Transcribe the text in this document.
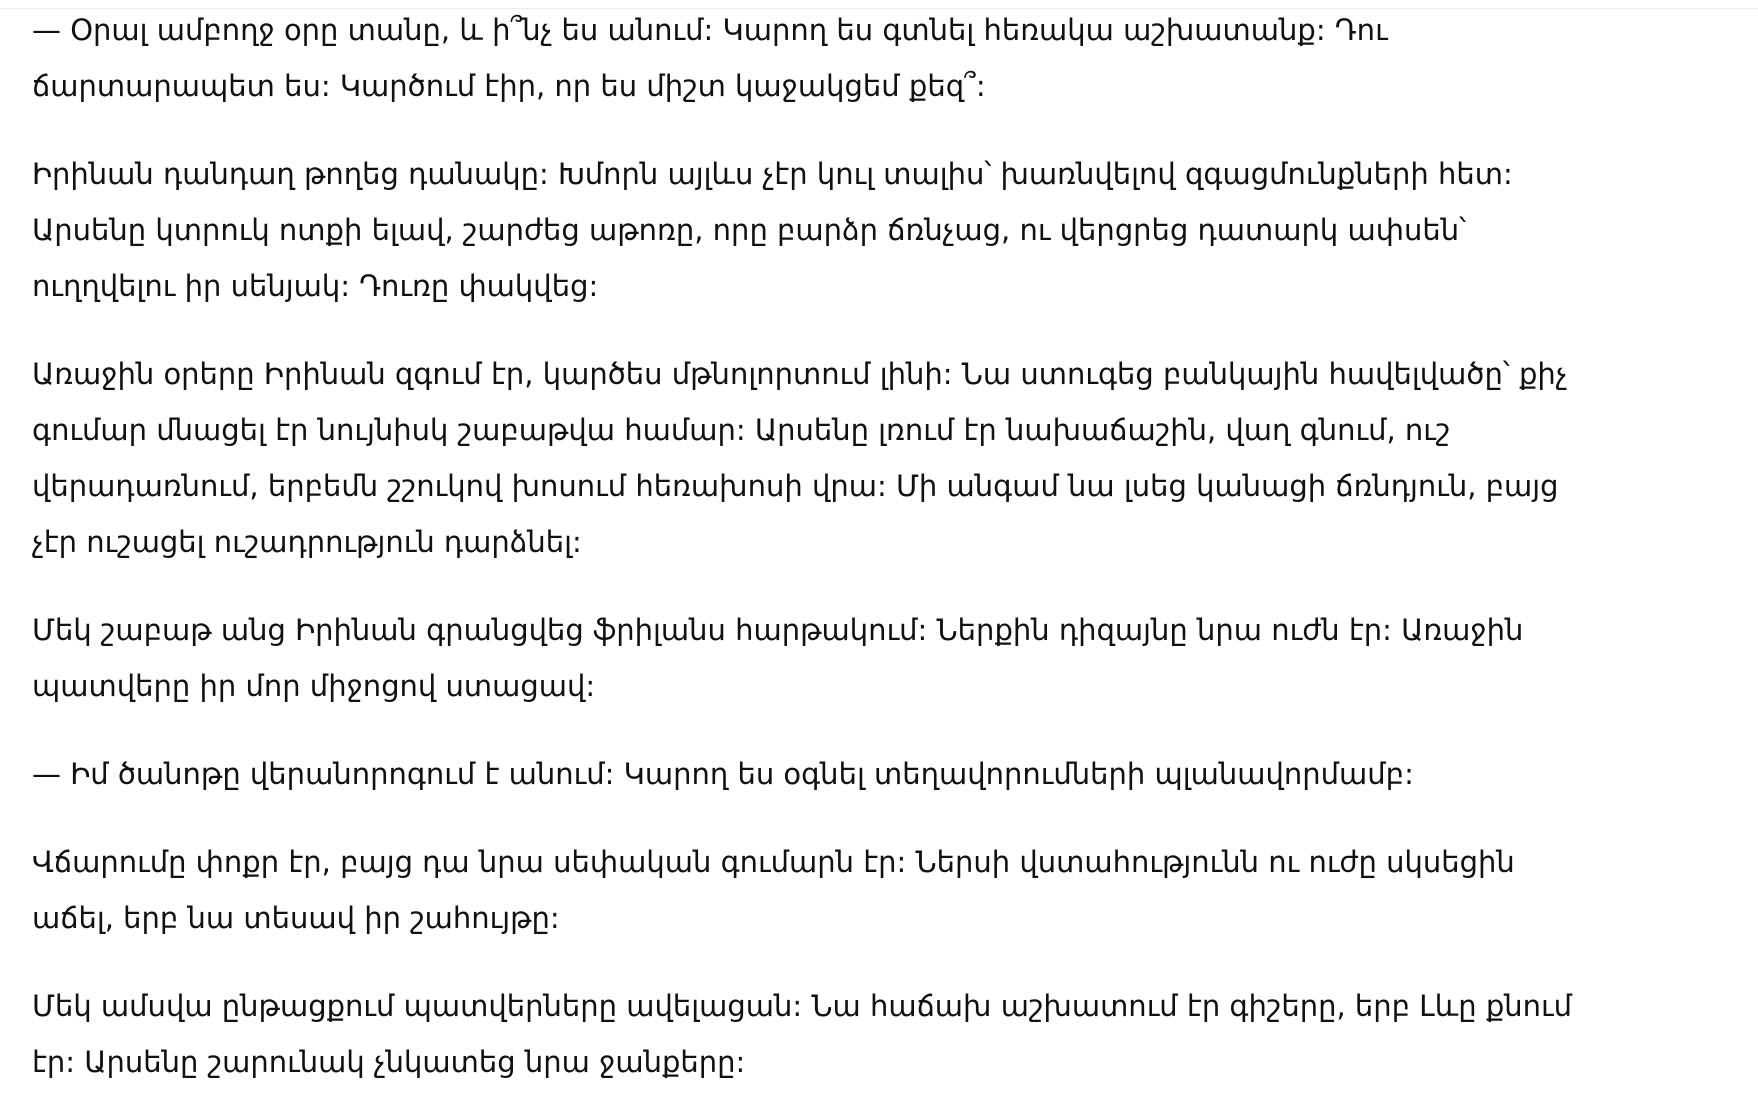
— Օրալ ամբողջ օրը տանը, և ի՞նչ ես անում: Կարող ես գտնել հեռակա աշխատանք: Դու ճարտարապետ ես: Կարծում էիր, որ ես միշտ կաջակցեմ քեզ՞:

Իրինան դանդաղ թողեց դանակը: Խմորն այլևս չէր կուլ տալիս՝ խառնվելով զգացմունքների հետ: Արսենը կտրուկ ոտքի ելավ, շարժեց աթոռը, որը բարձր ճռնչաց, ու վերցրեց դատարկ ափսեն՝ ուղղվելու իր սենյակ: Դուռը փակվեց:

Առաջին օրերը Իրինան զգում էր, կարծես մթնոլորտում լինի: Նա ստուգեց բանկային հավելվածը՝ քիչ գումար մնացել էր նույնիսկ շաբաթվա համար: Արսենը լռում էր նախաճաշին, վաղ գնում, ուշ վերադառնում, երբեմն շշուկով խոսում հեռախոսի վրա: Մի անգամ նա լսեց կանացի ճռնդյուն, բայց չէր ուշացել ուշադրություն դարձնել:

Մեկ շաբաթ անց Իրինան գրանցվեց ֆրիլանս հարթակում: Ներքին դիզայնը նրա ուժն էր: Առաջին պատվերը իր մոր միջոցով ստացավ:

— Իմ ծանոթը վերանորոգում է անում: Կարող ես օգնել տեղավորումների պլանավորմամբ:

Վճարումը փոքր էր, բայց դա նրա սեփական գումարն էր: Ներսի վստահությունն ու ուժը սկսեցին աճել, երբ նա տեսավ իր շահույթը:

Մեկ ամսվա ընթացքում պատվերները ավելացան: Նա հաճախ աշխատում էր գիշերը, երբ Լևը քնում էր: Արսենը շարունակ չնկատեց նրա ջանքերը:
